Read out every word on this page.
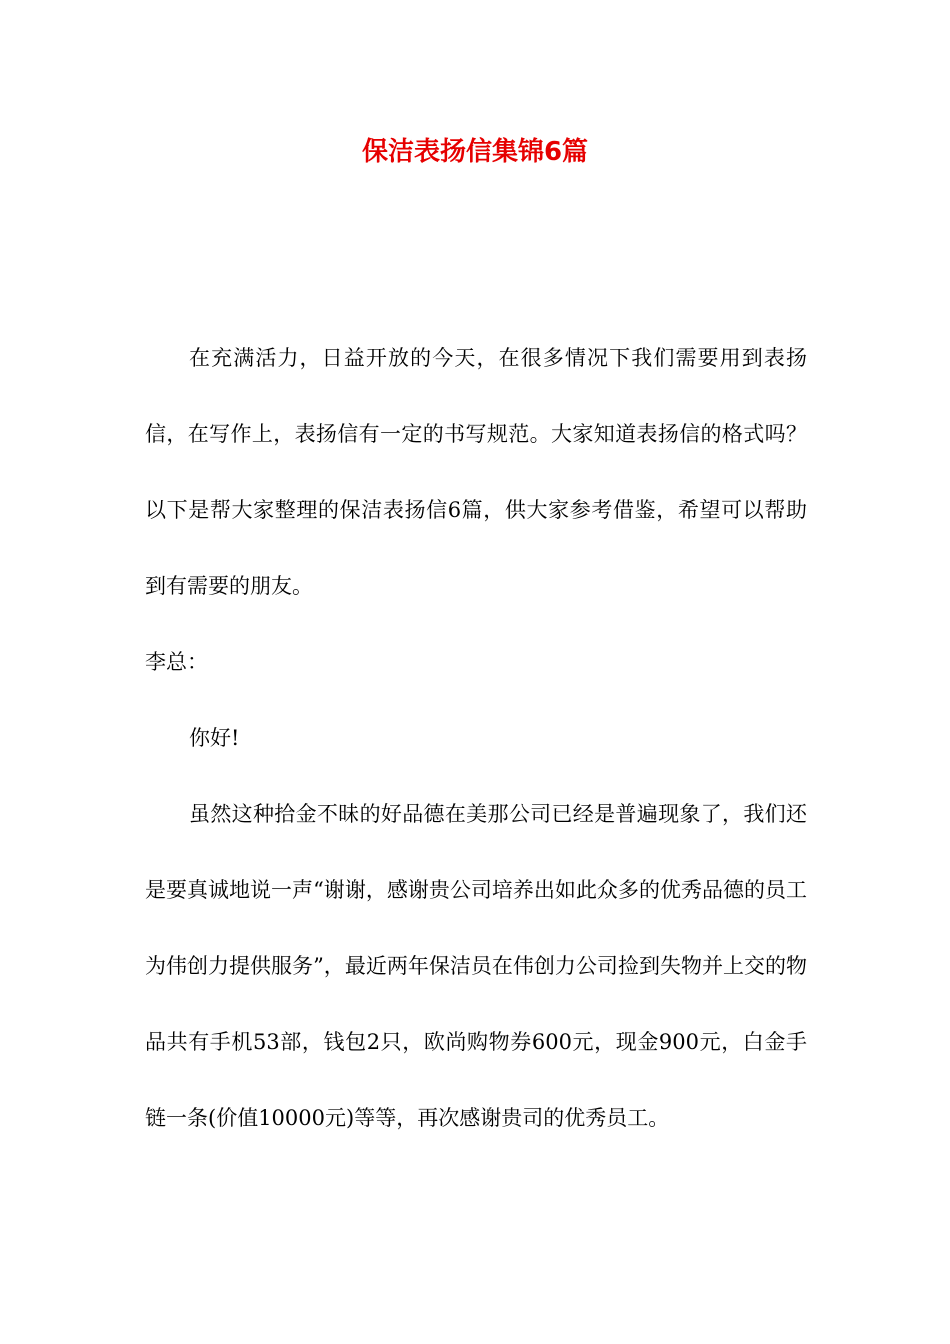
保洁表扬信集锦6篇

在充满活力，日益开放的今天，在很多情况下我们需要用到表扬信，在写作上，表扬信有一定的书写规范。大家知道表扬信的格式吗？以下是帮大家整理的保洁表扬信6篇，供大家参考借鉴，希望可以帮助到有需要的朋友。

李总：

你好!

虽然这种拾金不昧的好品德在美那公司已经是普遍现象了，我们还是要真诚地说一声“谢谢，感谢贵公司培养出如此众多的优秀品德的员工为伟创力提供服务”，最近两年保洁员在伟创力公司捡到失物并上交的物品共有手机53部，钱包2只，欧尚购物券600元，现金900元，白金手链一条(价值10000元)等等，再次感谢贵司的优秀员工。
